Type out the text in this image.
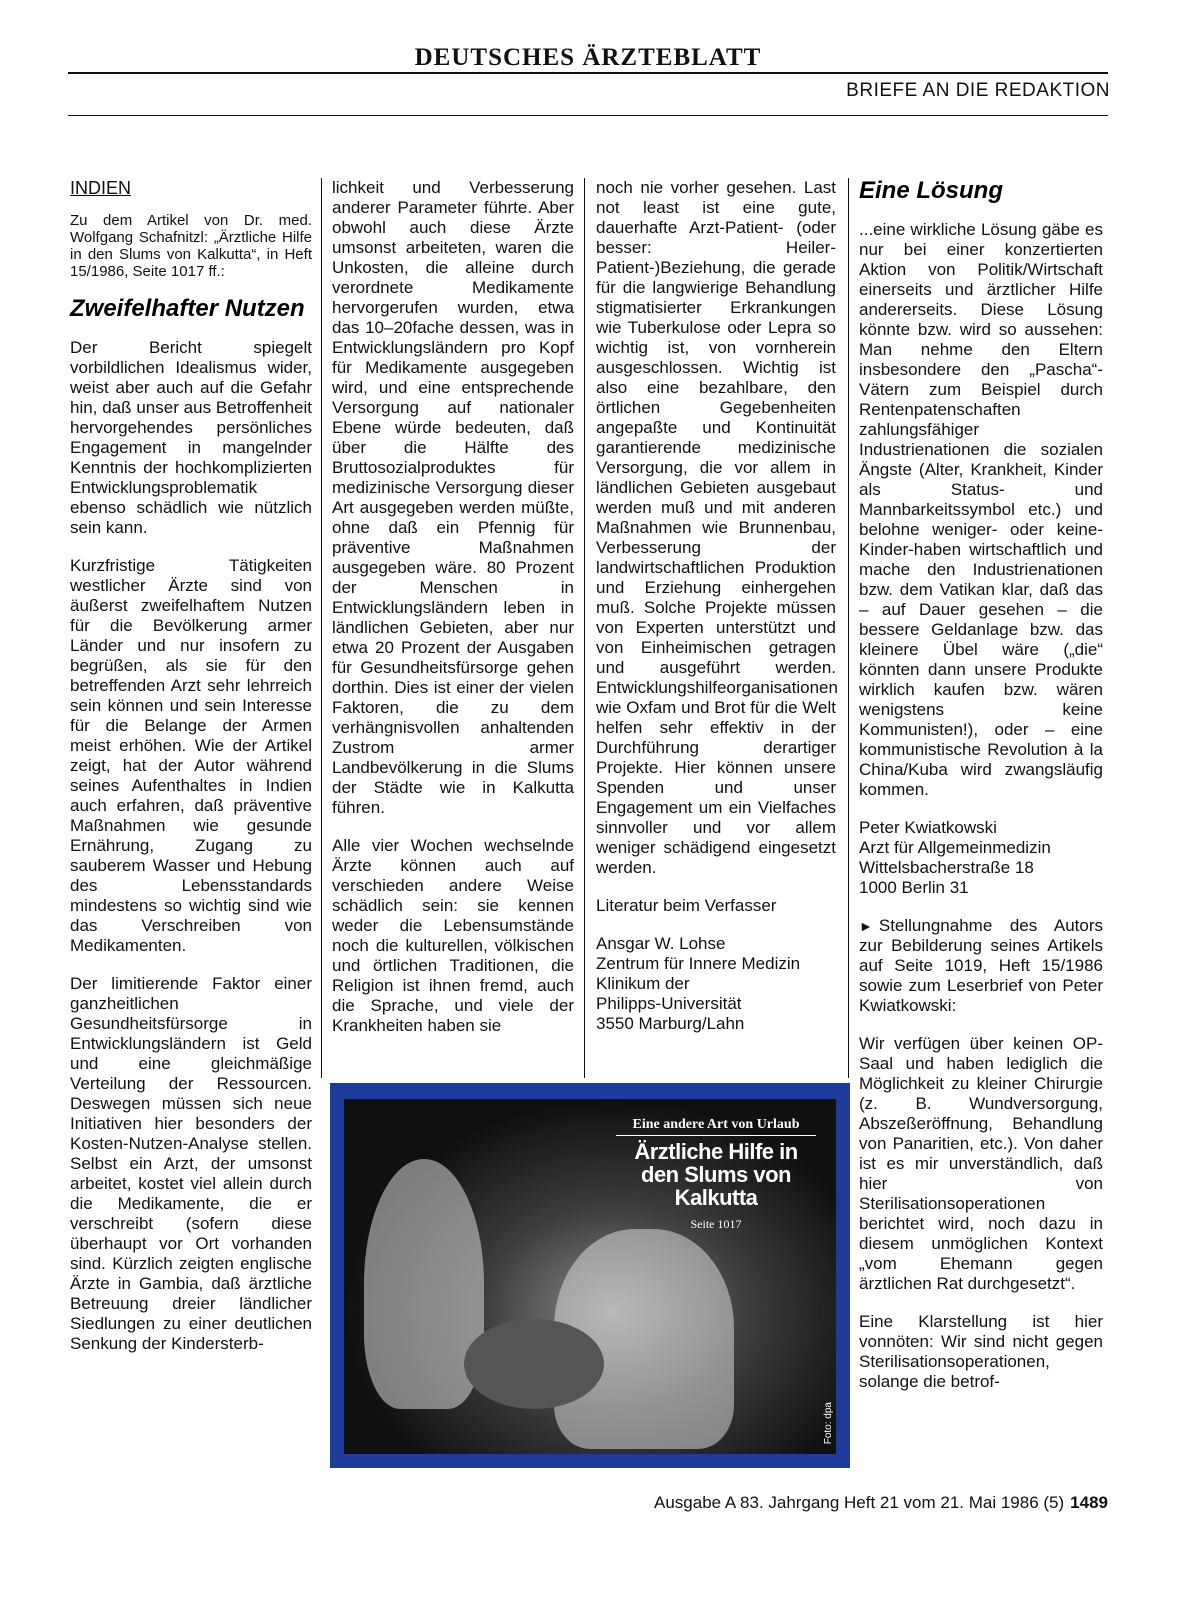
DEUTSCHES ÄRZTEBLATT
BRIEFE AN DIE REDAKTION
INDIEN
Zu dem Artikel von Dr. med. Wolfgang Schafnitzl: „Ärztliche Hilfe in den Slums von Kalkutta“, in Heft 15/1986, Seite 1017 ff.:
Zweifelhafter Nutzen

Der Bericht spiegelt vorbildlichen Idealismus wider, weist aber auch auf die Gefahr hin, daß unser aus Betroffenheit hervorgehendes persönliches Engagement in mangelnder Kenntnis der hochkomplizierten Entwicklungsproblematik ebenso schädlich wie nützlich sein kann.

Kurzfristige Tätigkeiten westlicher Ärzte sind von äußerst zweifelhaftem Nutzen für die Bevölkerung armer Länder und nur insofern zu begrüßen, als sie für den betreffenden Arzt sehr lehrreich sein können und sein Interesse für die Belange der Armen meist erhöhen. Wie der Artikel zeigt, hat der Autor während seines Aufenthaltes in Indien auch erfahren, daß präventive Maßnahmen wie gesunde Ernährung, Zugang zu sauberem Wasser und Hebung des Lebensstandards mindestens so wichtig sind wie das Verschreiben von Medikamenten.

Der limitierende Faktor einer ganzheitlichen Gesundheitsfürsorge in Entwicklungsländern ist Geld und eine gleichmäßige Verteilung der Ressourcen. Deswegen müssen sich neue Initiativen hier besonders der Kosten-Nutzen-Analyse stellen. Selbst ein Arzt, der umsonst arbeitet, kostet viel allein durch die Medikamente, die er verschreibt (sofern diese überhaupt vor Ort vorhanden sind. Kürzlich zeigten englische Ärzte in Gambia, daß ärztliche Betreuung dreier ländlicher Siedlungen zu einer deutlichen Senkung der Kindersterb-

lichkeit und Verbesserung anderer Parameter führte. Aber obwohl auch diese Ärzte umsonst arbeiteten, waren die Unkosten, die alleine durch verordnete Medikamente hervorgerufen wurden, etwa das 10–20fache dessen, was in Entwicklungsländern pro Kopf für Medikamente ausgegeben wird, und eine entsprechende Versorgung auf nationaler Ebene würde bedeuten, daß über die Hälfte des Bruttosozialproduktes für medizinische Versorgung dieser Art ausgegeben werden müßte, ohne daß ein Pfennig für präventive Maßnahmen ausgegeben wäre. 80 Prozent der Menschen in Entwicklungsländern leben in ländlichen Gebieten, aber nur etwa 20 Prozent der Ausgaben für Gesundheitsfürsorge gehen dorthin. Dies ist einer der vielen Faktoren, die zu dem verhängnisvollen anhaltenden Zustrom armer Landbevölkerung in die Slums der Städte wie in Kalkutta führen.

Alle vier Wochen wechselnde Ärzte können auch auf verschieden andere Weise schädlich sein: sie kennen weder die Lebensumstände noch die kulturellen, völkischen und örtlichen Traditionen, die Religion ist ihnen fremd, auch die Sprache, und viele der Krankheiten haben sie

noch nie vorher gesehen. Last not least ist eine gute, dauerhafte Arzt-Patient- (oder besser: Heiler-Patient-)Beziehung, die gerade für die langwierige Behandlung stigmatisierter Erkrankungen wie Tuberkulose oder Lepra so wichtig ist, von vornherein ausgeschlossen. Wichtig ist also eine bezahlbare, den örtlichen Gegebenheiten angepaßte und Kontinuität garantierende medizinische Versorgung, die vor allem in ländlichen Gebieten ausgebaut werden muß und mit anderen Maßnahmen wie Brunnenbau, Verbesserung der landwirtschaftlichen Produktion und Erziehung einhergehen muß. Solche Projekte müssen von Experten unterstützt und von Einheimischen getragen und ausgeführt werden. Entwicklungshilfeorganisationen wie Oxfam und Brot für die Welt helfen sehr effektiv in der Durchführung derartiger Projekte. Hier können unsere Spenden und unser Engagement um ein Vielfaches sinnvoller und vor allem weniger schädigend eingesetzt werden.

Literatur beim Verfasser

Ansgar W. Lohse
Zentrum für Innere Medizin
Klinikum der
Philipps-Universität
3550 Marburg/Lahn
Eine Lösung

...eine wirkliche Lösung gäbe es nur bei einer konzertierten Aktion von Politik/Wirtschaft einerseits und ärztlicher Hilfe andererseits. Diese Lösung könnte bzw. wird so aussehen: Man nehme den Eltern insbesondere den „Pascha“-Vätern zum Beispiel durch Rentenpatenschaften zahlungsfähiger Industrienationen die sozialen Ängste (Alter, Krankheit, Kinder als Status- und Mannbarkeitssymbol etc.) und belohne weniger- oder keine-Kinder-haben wirtschaftlich und mache den Industrienationen bzw. dem Vatikan klar, daß das – auf Dauer gesehen – die bessere Geldanlage bzw. das kleinere Übel wäre („die“ könnten dann unsere Produkte wirklich kaufen bzw. wären wenigstens keine Kommunisten!), oder – eine kommunistische Revolution à la China/Kuba wird zwangsläufig kommen.

Peter Kwiatkowski
Arzt für Allgemeinmedizin
Wittelsbacherstraße 18
1000 Berlin 31

► Stellungnahme des Autors zur Bebilderung seines Artikels auf Seite 1019, Heft 15/1986 sowie zum Leserbrief von Peter Kwiatkowski:

Wir verfügen über keinen OP-Saal und haben lediglich die Möglichkeit zu kleiner Chirurgie (z. B. Wundversorgung, Abszeßeröffnung, Behandlung von Panaritien, etc.). Von daher ist es mir unverständlich, daß hier von Sterilisationsoperationen berichtet wird, noch dazu in diesem unmöglichen Kontext „vom Ehemann gegen ärztlichen Rat durchgesetzt“.

Eine Klarstellung ist hier vonnöten: Wir sind nicht gegen Sterilisationsoperationen, solange die betrof-

Eine andere Art von Urlaub
Ärztliche Hilfe in den Slums von Kalkutta
Seite 1017
Foto: dpa
Ausgabe A 83. Jahrgang Heft 21 vom 21. Mai 1986 (5) 1489
